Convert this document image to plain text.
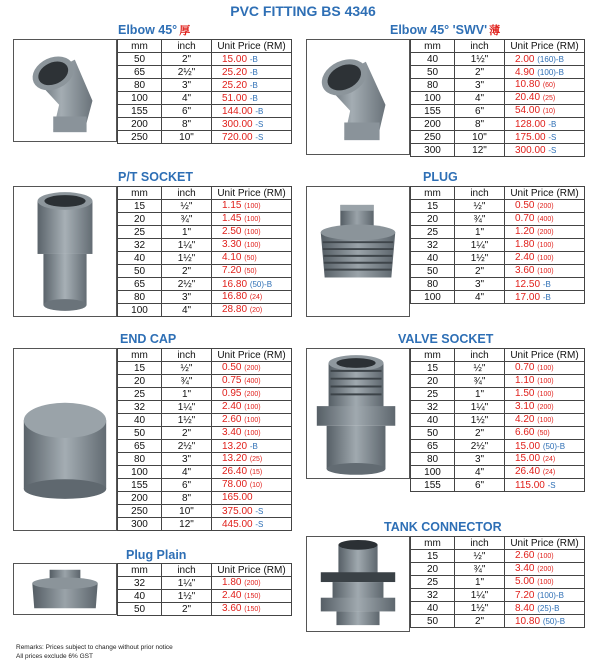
PVC FITTING BS 4346
Elbow 45° 厚	Elbow 45° 'SWV' 薄
P/T SOCKET	PLUG
END CAP	VALVE SOCKET
TANK CONNECTOR
Plug Plain
mm	inch	Unit Price (RM)
50	2"	15.00 -B
65	2½"	25.20 -B
80	3"	25.20 -B
100	4"	51.00 -B
155	6"	144.00 -B
200	8"	300.00 -S
250	10"	720.00 -S
mm	inch	Unit Price (RM)
40	1½"	2.00 (160)-B
50	2"	4.90 (100)-B
80	3"	10.80 (60)
100	4"	20.40 (25)
155	6"	54.00 (10)
200	8"	128.00 -B
250	10"	175.00 -S
300	12"	300.00 -S
mm	inch	Unit Price (RM)
15	½"	1.15 (100)
20	¾"	1.45 (100)
25	1"	2.50 (100)
32	1¼"	3.30 (100)
40	1½"	4.10 (50)
50	2"	7.20 (50)
65	2½"	16.80 (50)-B
80	3"	16.80 (24)
100	4"	28.80 (20)
mm	inch	Unit Price (RM)
15	½"	0.50 (200)
20	¾"	0.70 (400)
25	1"	1.20 (200)
32	1¼"	1.80 (100)
40	1½"	2.40 (100)
50	2"	3.60 (100)
80	3"	12.50 -B
100	4"	17.00 -B
mm	inch	Unit Price (RM)
15	½"	0.50 (200)
20	¾"	0.75 (400)
25	1"	0.95 (200)
32	1¼"	2.40 (100)
40	1½"	2.60 (100)
50	2"	3.40 (100)
65	2½"	13.20 -B
80	3"	13.20 (25)
100	4"	26.40 (15)
155	6"	78.00 (10)
200	8"	165.00
250	10"	375.00 -S
300	12"	445.00 -S
mm	inch	Unit Price (RM)
15	½"	0.70 (100)
20	¾"	1.10 (100)
25	1"	1.50 (100)
32	1¼"	3.10 (200)
40	1½"	4.20 (100)
50	2"	6.60 (50)
65	2½"	15.00 (50)-B
80	3"	15.00 (24)
100	4"	26.40 (24)
155	6"	115.00 -S
mm	inch	Unit Price (RM)
15	½"	2.60 (100)
20	¾"	3.40 (200)
25	1"	5.00 (100)
32	1¼"	7.20 (100)-B
40	1½"	8.40 (25)-B
50	2"	10.80 (50)-B
mm	inch	Unit Price (RM)
32	1¼"	1.80 (200)
40	1½"	2.40 (150)
50	2"	3.60 (150)
Remarks: Prices subject to change without prior notice
All prices exclude 6% GST
